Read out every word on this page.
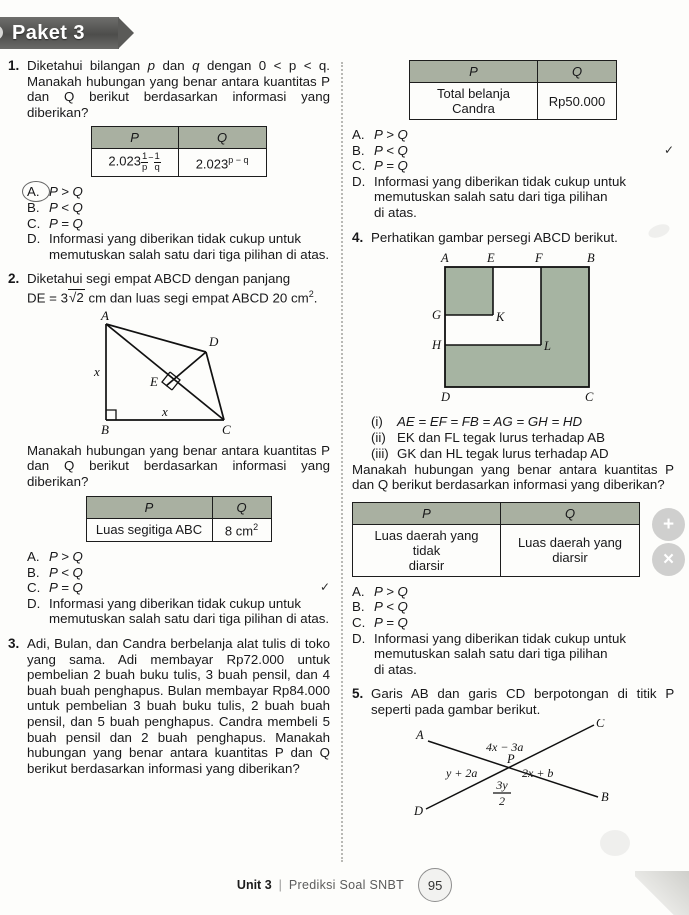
Paket 3
1. Diketahui bilangan p dan q dengan 0 < p < q. Manakah hubungan yang benar antara kuantitas P dan Q berikut berdasarkan informasi yang diberikan?
P	Q
$2.023 \frac{1}{p} ^- \frac{1}{q}$	$2.023^{p - q}$
A. P > Q
B. P < Q
C. P = Q
D. Informasi yang diberikan tidak cukup untuk
memutuskan salah satu dari tiga pilihan di atas.
2. Diketahui segi empat ABCD dengan panjang
DE = 3√2 cm dan luas segi empat ABCD 20 $cm^2$.
A
B	C
D
E
x
x
Manakah hubungan yang benar antara kuantitas P dan Q berikut berdasarkan informasi yang diberikan?
P	Q
Luas segitiga ABC	8 $cm^2$
A. P > Q
B. P < Q
C. P = Q	✓
D. Informasi yang diberikan tidak cukup untuk
memutuskan salah satu dari tiga pilihan di atas.
3. Adi, Bulan, dan Candra berbelanja alat tulis di toko yang sama. Adi membayar Rp72.000 untuk pembelian 2 buah buku tulis, 3 buah pensil, dan 4 buah buah penghapus. Bulan membayar Rp84.000 untuk pembelian 3 buah buku tulis, 2 buah buah pensil, dan 5 buah penghapus. Candra membeli 5 buah pensil dan 2 buah penghapus. Manakah hubungan yang benar antara kuantitas P dan Q berikut berdasarkan informasi yang diberikan?
P	Q
Total belanja Candra	Rp50.000
A. P > Q
B. P < Q	✓
C. P = Q
D. Informasi yang diberikan tidak cukup untuk
memutuskan salah satu dari tiga pilihan
di atas.
4. Perhatikan gambar persegi ABCD berikut.
A	E	F	B
G	K
H	L
D	C
(i)	AE = EF = FB = AG = GH = HD
(ii) EK dan FL tegak lurus terhadap AB
(iii) GK dan HL tegak lurus terhadap AD
Manakah hubungan yang benar antara kuantitas P dan Q berikut berdasarkan informasi yang diberikan?
P	Q
Luas daerah yang tidak
diarsir	Luas daerah yang
diarsir
A. P > Q
B. P < Q
C. P = Q
D. Informasi yang diberikan tidak cukup untuk
memutuskan salah satu dari tiga pilihan
di atas.
5. Garis AB dan garis CD berpotongan di titik P seperti pada gambar berikut.
A
B
C
D
P
4x − 3a
y + 2a	2x + b
3y
2
+
×
Unit 3 | Prediksi Soal SNBT	95
